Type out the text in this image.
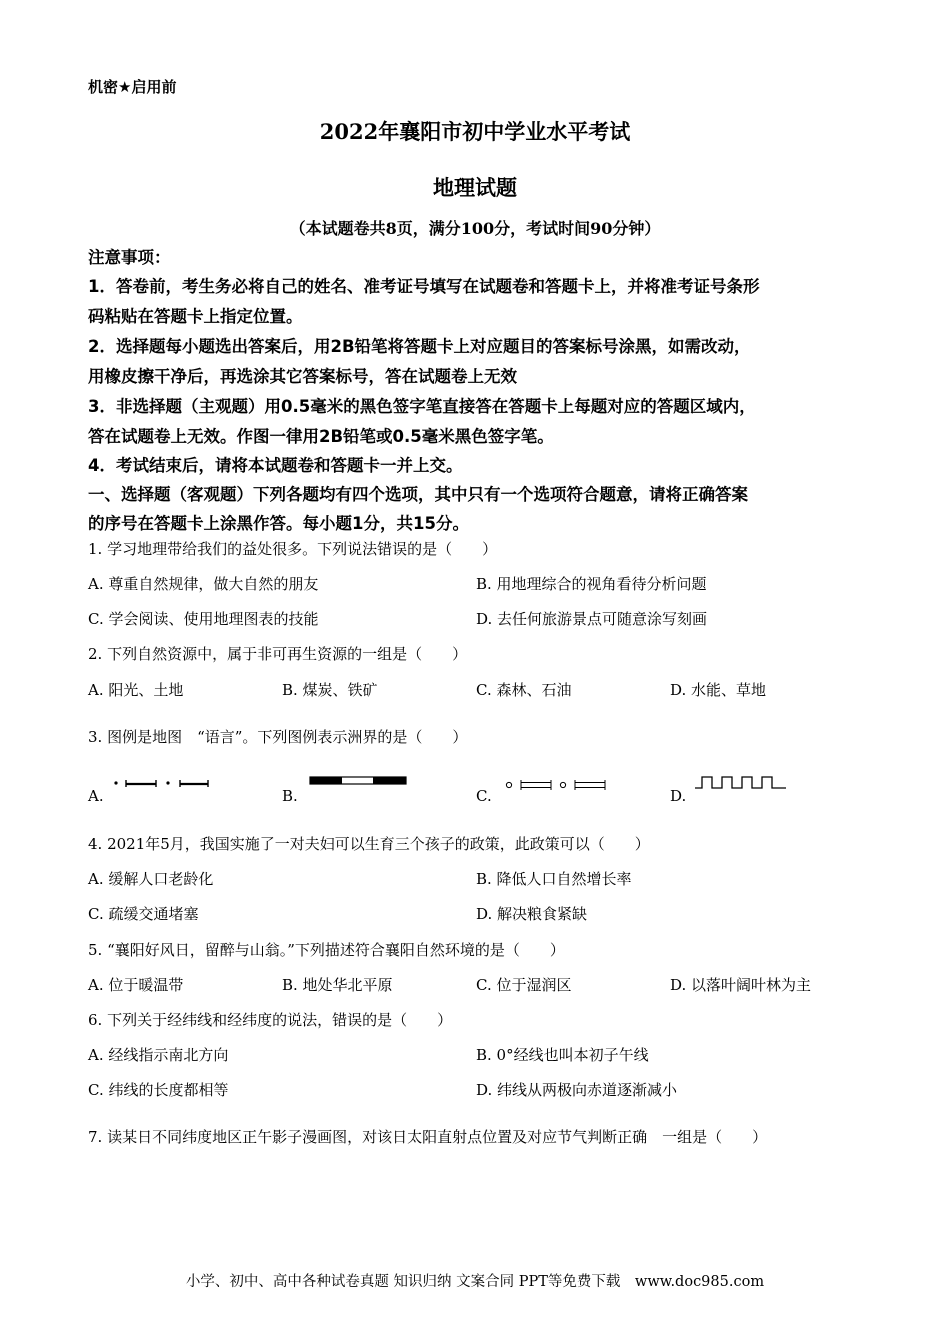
机密★启用前
2022年襄阳市初中学业水平考试
地理试题
（本试题卷共8页，满分100分，考试时间90分钟）
注意事项：
1．答卷前，考生务必将自己的姓名、准考证号填写在试题卷和答题卡上，并将准考证号条形
码粘贴在答题卡上指定位置。
2．选择题每小题选出答案后，用2B铅笔将答题卡上对应题目的答案标号涂黑，如需改动，
用橡皮擦干净后，再选涂其它答案标号，答在试题卷上无效
3．非选择题（主观题）用0.5毫米的黑色签字笔直接答在答题卡上每题对应的答题区域内，
答在试题卷上无效。作图一律用2B铅笔或0.5毫米黑色签字笔。
4．考试结束后，请将本试题卷和答题卡一并上交。
一、选择题（客观题）下列各题均有四个选项，其中只有一个选项符合题意，请将正确答案
的序号在答题卡上涂黑作答。每小题1分，共15分。
1. 学习地理带给我们的益处很多。下列说法错误的是（　　）
A. 尊重自然规律，做大自然的朋友	B. 用地理综合的视角看待分析问题
C. 学会阅读、使用地理图表的技能	D. 去任何旅游景点可随意涂写刻画
2. 下列自然资源中，属于非可再生资源的一组是（　　）
A. 阳光、土地	B. 煤炭、铁矿	C. 森林、石油	D. 水能、草地
3. 图例是地图　“语言”。下列图例表示洲界的是（　　）
A.	B.	C.	D.
4. 2021年5月，我国实施了一对夫妇可以生育三个孩子的政策，此政策可以（　　）
A. 缓解人口老龄化	B. 降低人口自然增长率
C. 疏缓交通堵塞	D. 解决粮食紧缺
5. “襄阳好风日，留醉与山翁。”下列描述符合襄阳自然环境的是（　　）
A. 位于暖温带	B. 地处华北平原	C. 位于湿润区	D. 以落叶阔叶林为主
6. 下列关于经纬线和经纬度的说法，错误的是（　　）
A. 经线指示南北方向	B. 0°经线也叫本初子午线
C. 纬线的长度都相等	D. 纬线从两极向赤道逐渐减小
7. 读某日不同纬度地区正午影子漫画图，对该日太阳直射点位置及对应节气判断正确　一组是（　　）
小学、初中、高中各种试卷真题 知识归纳 文案合同 PPT等免费下载　www.doc985.com
